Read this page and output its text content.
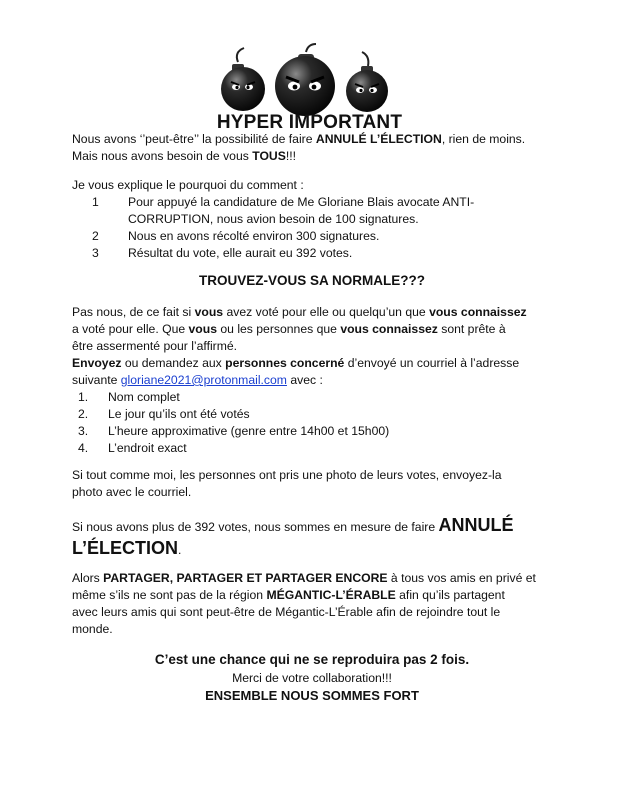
HYPER IMPORTANT
Nous avons ‘’peut-être’’ la possibilité de faire ANNULÉ L’ÉLECTION, rien de moins.
Mais nous avons besoin de vous TOUS!!!
Je vous explique le pourquoi du comment :
1	Pour appuyé la candidature de Me Gloriane Blais avocate ANTI-
CORRUPTION, nous avion besoin de 100 signatures.
2	Nous en avons récolté environ 300 signatures.
3	Résultat du vote, elle aurait eu 392 votes.
TROUVEZ-VOUS SA NORMALE???
Pas nous, de ce fait si vous avez voté pour elle ou quelqu’un que vous connaissez
a voté pour elle. Que vous ou les personnes que vous connaissez sont prête à
être assermenté pour l’affirmé.
Envoyez ou demandez aux personnes concerné d’envoyé un courriel à l’adresse
suivante gloriane2021@protonmail.com avec :
1.	Nom complet
2.	Le jour qu’ils ont été votés
3.	L’heure approximative (genre entre 14h00 et 15h00)
4.	L’endroit exact
Si tout comme moi, les personnes ont pris une photo de leurs votes, envoyez-la
photo avec le courriel.
Si nous avons plus de 392 votes, nous sommes en mesure de faire ANNULÉ
L’ÉLECTION.
Alors PARTAGER, PARTAGER ET PARTAGER ENCORE à tous vos amis en privé et
même s’ils ne sont pas de la région MÉGANTIC-L’ÉRABLE afin qu’ils partagent
avec leurs amis qui sont peut-être de Mégantic-L’Érable afin de rejoindre tout le
monde.
C’est une chance qui ne se reproduira pas 2 fois.
Merci de votre collaboration!!!
ENSEMBLE NOUS SOMMES FORT
